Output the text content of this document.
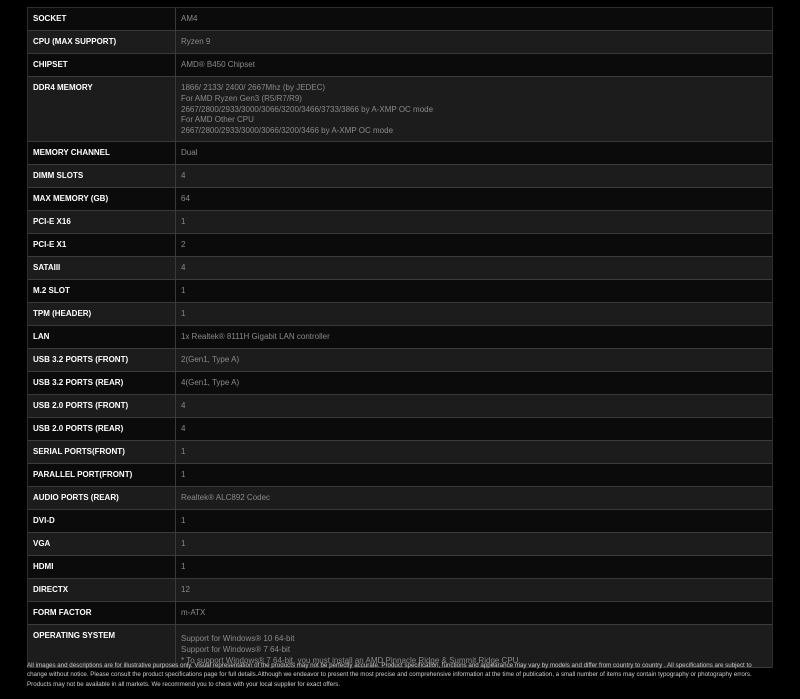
SOCKET	AM4
CPU (MAX SUPPORT)	Ryzen 9
CHIPSET	AMD® B450 Chipset
DDR4 MEMORY	1866/ 2133/ 2400/ 2667Mhz (by JEDEC)
For AMD Ryzen Gen3 (R5/R7/R9)
2667/2800/2933/3000/3066/3200/3466/3733/3866 by A-XMP OC mode
For AMD Other CPU
2667/2800/2933/3000/3066/3200/3466 by A-XMP OC mode
MEMORY CHANNEL	Dual
DIMM SLOTS	4
MAX MEMORY (GB)	64
PCI-E X16	1
PCI-E X1	2
SATAIII	4
M.2 SLOT	1
TPM (HEADER)	1
LAN	1x Realtek® 8111H Gigabit LAN controller
USB 3.2 PORTS (FRONT)	2(Gen1, Type A)
USB 3.2 PORTS (REAR)	4(Gen1, Type A)
USB 2.0 PORTS (FRONT)	4
USB 2.0 PORTS (REAR)	4
SERIAL PORTS(FRONT)	1
PARALLEL PORT(FRONT)	1
AUDIO PORTS (REAR)	Realtek® ALC892 Codec
DVI-D	1
VGA	1
HDMI	1
DIRECTX	12
FORM FACTOR	m-ATX
OPERATING SYSTEM	Support for Windows® 10 64-bit
Support for Windows® 7 64-bit
* To support Windows® 7 64-bit, you must install an AMD Pinnacle Ridge & Summit Ridge CPU.
All images and descriptions are for illustrative purposes only. Visual representation of the products may not be perfectly accurate. Product specification, functions and appearance may vary by models and differ from country to country . All specifications are subject to
change without notice. Please consult the product specifications page for full details.Although we endeavor to present the most precise and comprehensive information at the time of publication, a small number of items may contain typography or photography errors.
Products may not be available in all markets. We recommend you to check with your local supplier for exact offers.
